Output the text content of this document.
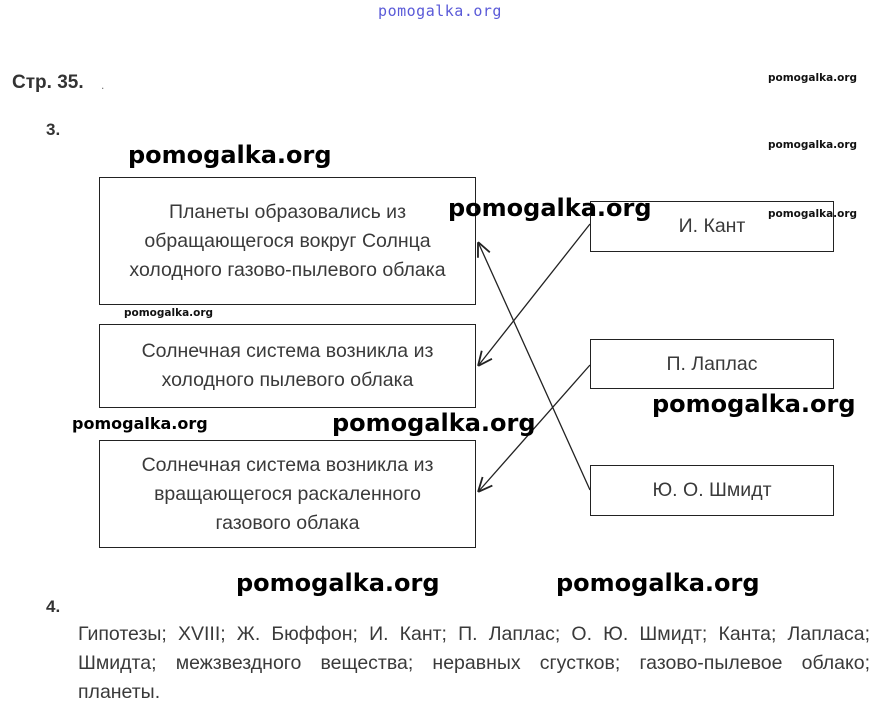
pomogalka.org
Стр. 35. .	pomogalka.org
pomogalka.org
pomogalka.org
3.
Планеты образовались из обращающегося вокруг Солнца холодного газово-пылевого облака
Солнечная система возникла из холодного пылевого облака
Солнечная система возникла из вращающегося раскаленного газового облака
И. Кант
П. Лаплас
Ю. О. Шмидт
pomogalka.org
pomogalka.org	pomogalka.org
pomogalka.org
pomogalka.org
pomogalka.org
pomogalka.org	pomogalka.org
4.
Гипотезы; XVIII; Ж. Бюффон; И. Кант; П. Лаплас; О. Ю. Шмидт; Канта; Лапласа; Шмидта; межзвездного вещества; неравных сгустков; газово-пылевое облако; планеты.
